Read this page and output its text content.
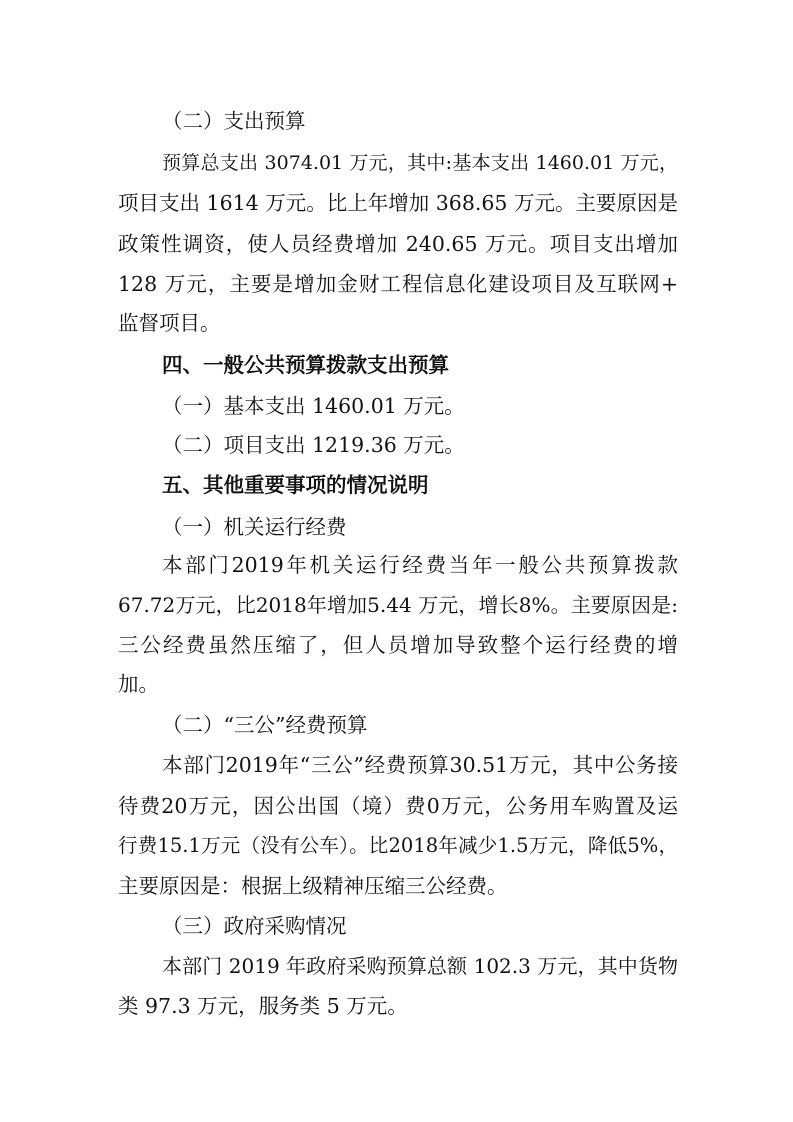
（二）支出预算
预算总支出 3074.01 万元，其中:基本支出 1460.01 万元，
项目支出 1614 万元。比上年增加 368.65 万元。主要原因是
政策性调资，使人员经费增加 240.65 万元。项目支出增加
128 万元，主要是增加金财工程信息化建设项目及互联网+
监督项目。
四、一般公共预算拨款支出预算
（一）基本支出 1460.01 万元。
（二）项目支出 1219.36 万元。
五、其他重要事项的情况说明
（一）机关运行经费
本部门2019年机关运行经费当年一般公共预算拨款
67.72万元，比2018年增加5.44 万元，增长8%。主要原因是:
三公经费虽然压缩了，但人员增加导致整个运行经费的增
加。
（二）“三公”经费预算
本部门2019年“三公”经费预算30.51万元，其中公务接
待费20万元，因公出国（境）费0万元，公务用车购置及运
行费15.1万元（没有公车）。比2018年减少1.5万元，降低5%，
主要原因是：根据上级精神压缩三公经费。
（三）政府采购情况
本部门 2019 年政府采购预算总额 102.3 万元，其中货物
类 97.3 万元，服务类 5 万元。
